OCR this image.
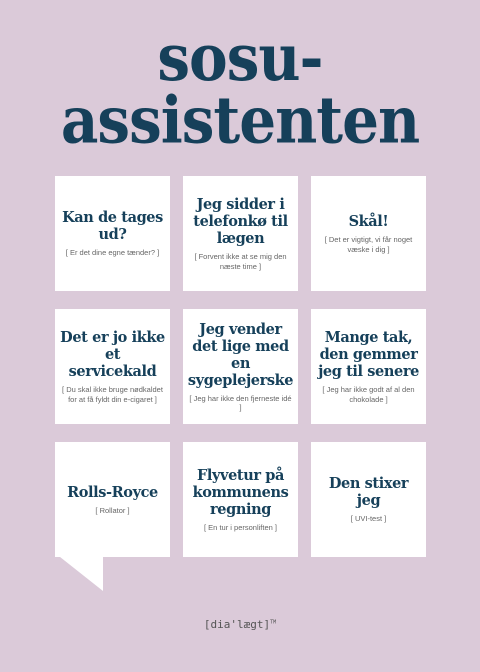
sosu-
assistenten
Kan de tages ud?
[ Er det dine egne tænder? ]
Jeg sidder i telefonkø til lægen
[ Forvent ikke at se mig den næste time ]
Skål!
[ Det er vigtigt, vi får noget væske i dig ]
Det er jo ikke et servicekald
[ Du skal ikke bruge nødkaldet for at få fyldt din e-cigaret ]
Jeg vender det lige med en sygeplejerske
[ Jeg har ikke den fjerneste idé ]
Mange tak, den gemmer jeg til senere
[ Jeg har ikke godt af al den chokolade ]
Rolls-Royce
[ Rollator ]
Flyvetur på kommunens regning
[ En tur i personliften ]
Den stixer jeg
[ UVI-test ]
[dia'lægt]™
